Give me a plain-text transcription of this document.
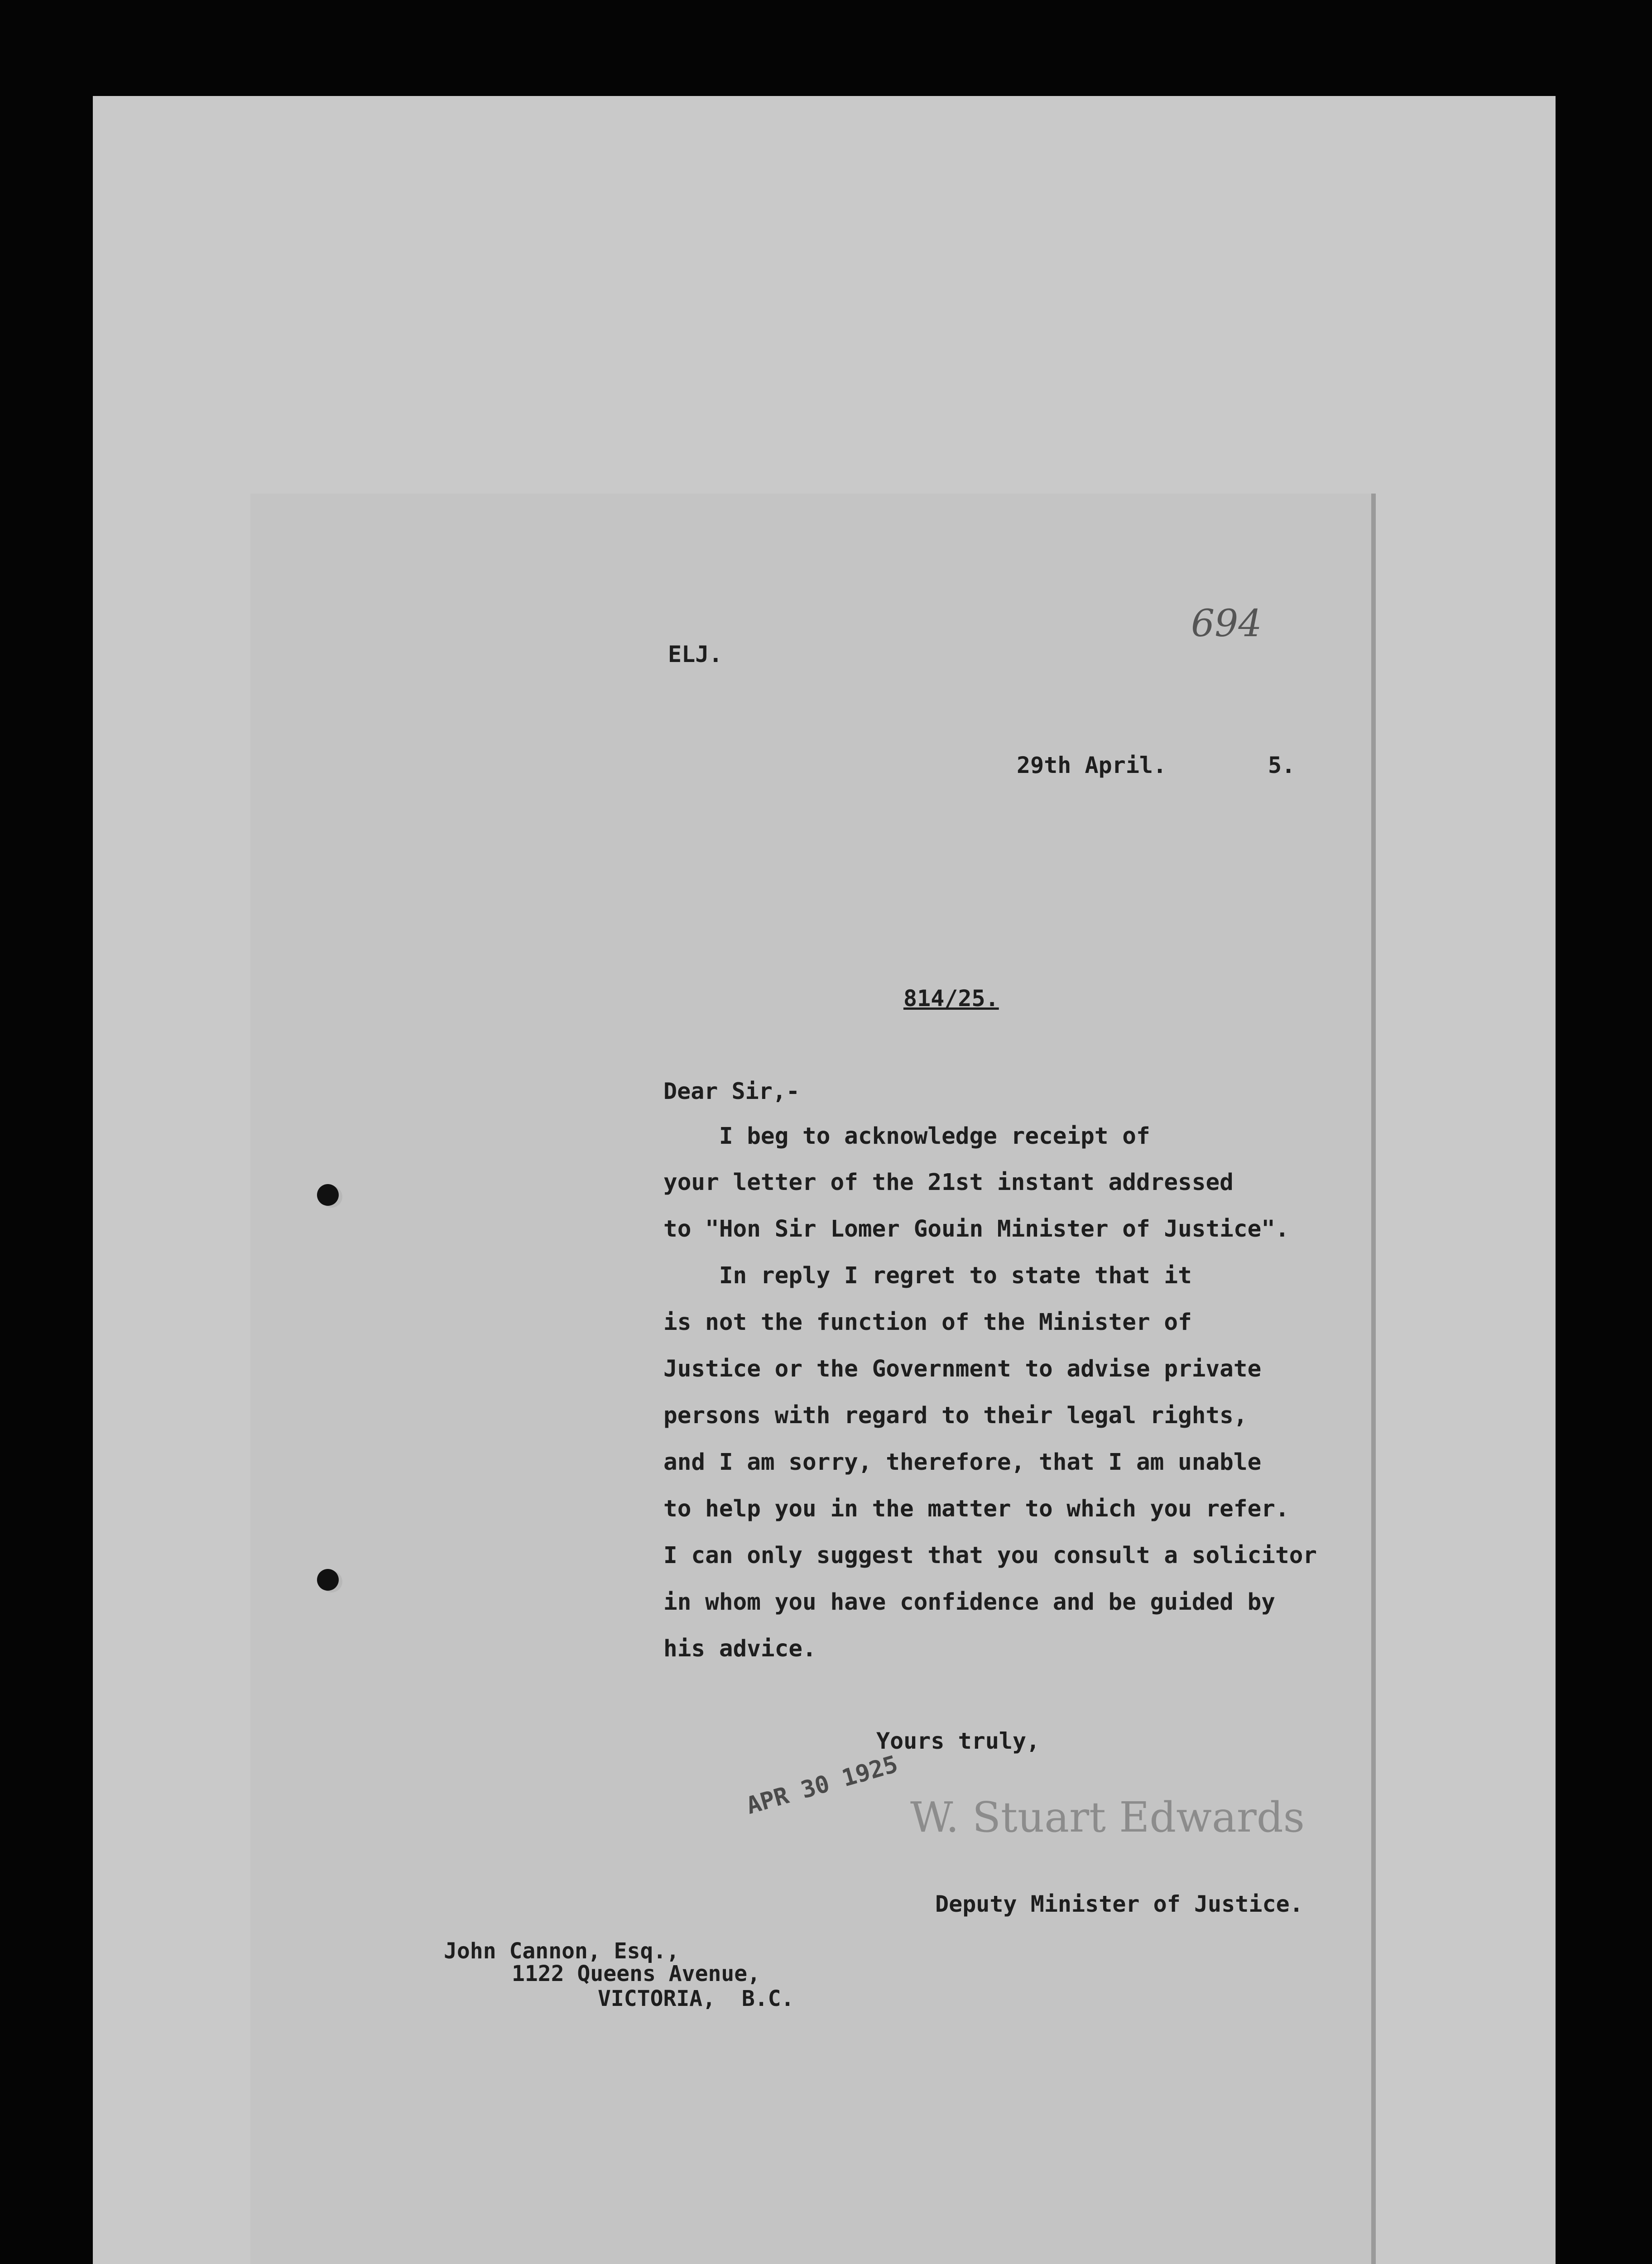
694
ELJ.
29th April.	5.
814/25.
Dear Sir,-
I beg to acknowledge receipt of
your letter of the 21st instant addressed
to "Hon Sir Lomer Gouin Minister of Justice".
In reply I regret to state that it
is not the function of the Minister of
Justice or the Government to advise private
persons with regard to their legal rights,
and I am sorry, therefore, that I am unable
to help you in the matter to which you refer.
I can only suggest that you consult a solicitor
in whom you have confidence and be guided by
his advice.
Yours truly,
APR 30 1925 W. Stuart Edwards
Deputy Minister of Justice.
John Cannon, Esq.,
1122 Queens Avenue,
VICTORIA,  B.C.
